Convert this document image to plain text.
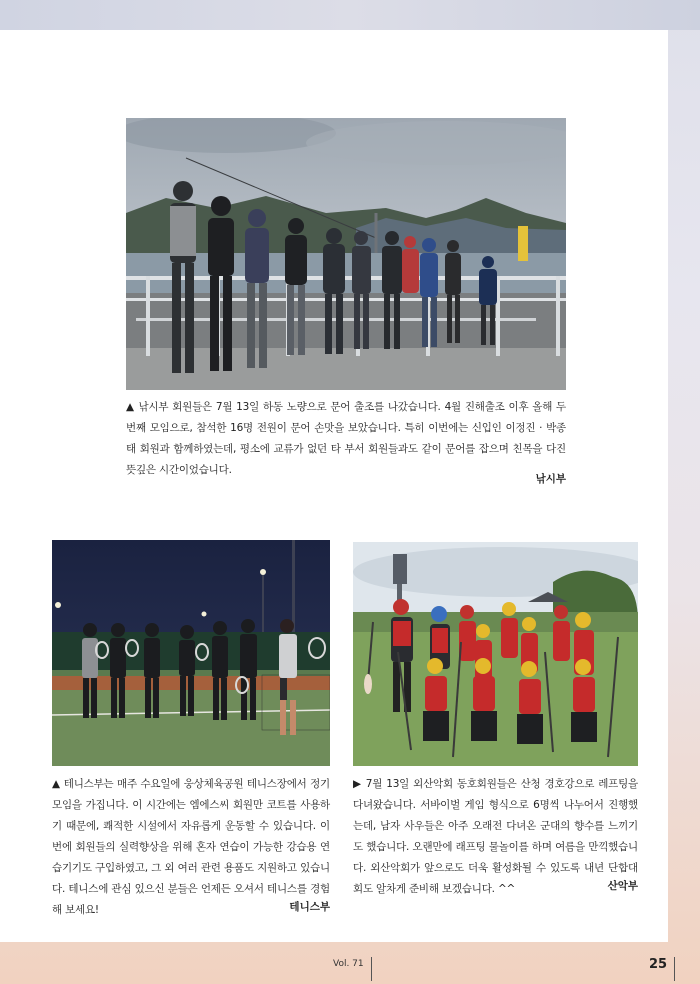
▲ 낚시부 회원들은 7월 13일 하동 노량으로 문어 출조를 나갔습니다. 4월 진해출조 이후 올해 두 번째 모임으로, 참석한 16명 전원이 문어 손맛을 보았습니다. 특히 이번에는 신입인 이정진 · 박종태 회원과 함께하였는데, 평소에 교류가 없던 타 부서 회원들과도 같이 문어를 잡으며 친목을 다진 뜻깊은 시간이었습니다.
낚시부
▲ 테니스부는 매주 수요일에 웅상체육공원 테니스장에서 정기모임을 가집니다. 이 시간에는 엠에스씨 회원만 코트를 사용하기 때문에, 쾌적한 시설에서 자유롭게 운동할 수 있습니다. 이번에 회원들의 실력향상을 위해 혼자 연습이 가능한 강습용 연습기기도 구입하였고, 그 외 여러 관련 용품도 지원하고 있습니다. 테니스에 관심 있으신 분들은 언제든 오셔서 테니스를 경험해 보세요!	테니스부
▶ 7월 13일 외산악회 동호회원들은 산청 경호강으로 레프팅을 다녀왔습니다. 서바이벌 게임 형식으로 6명씩 나누어서 진행했는데, 남자 사우들은 아주 오래전 다녀온 군대의 향수를 느끼기도 했습니다. 오랜만에 래프팅 물놀이를 하며 여름을 만끽했습니다. 외산악회가 앞으로도 더욱 활성화될 수 있도록 내년 단합대회도 알차게 준비해 보겠습니다. ^^	산악부
Vol. 71	25
